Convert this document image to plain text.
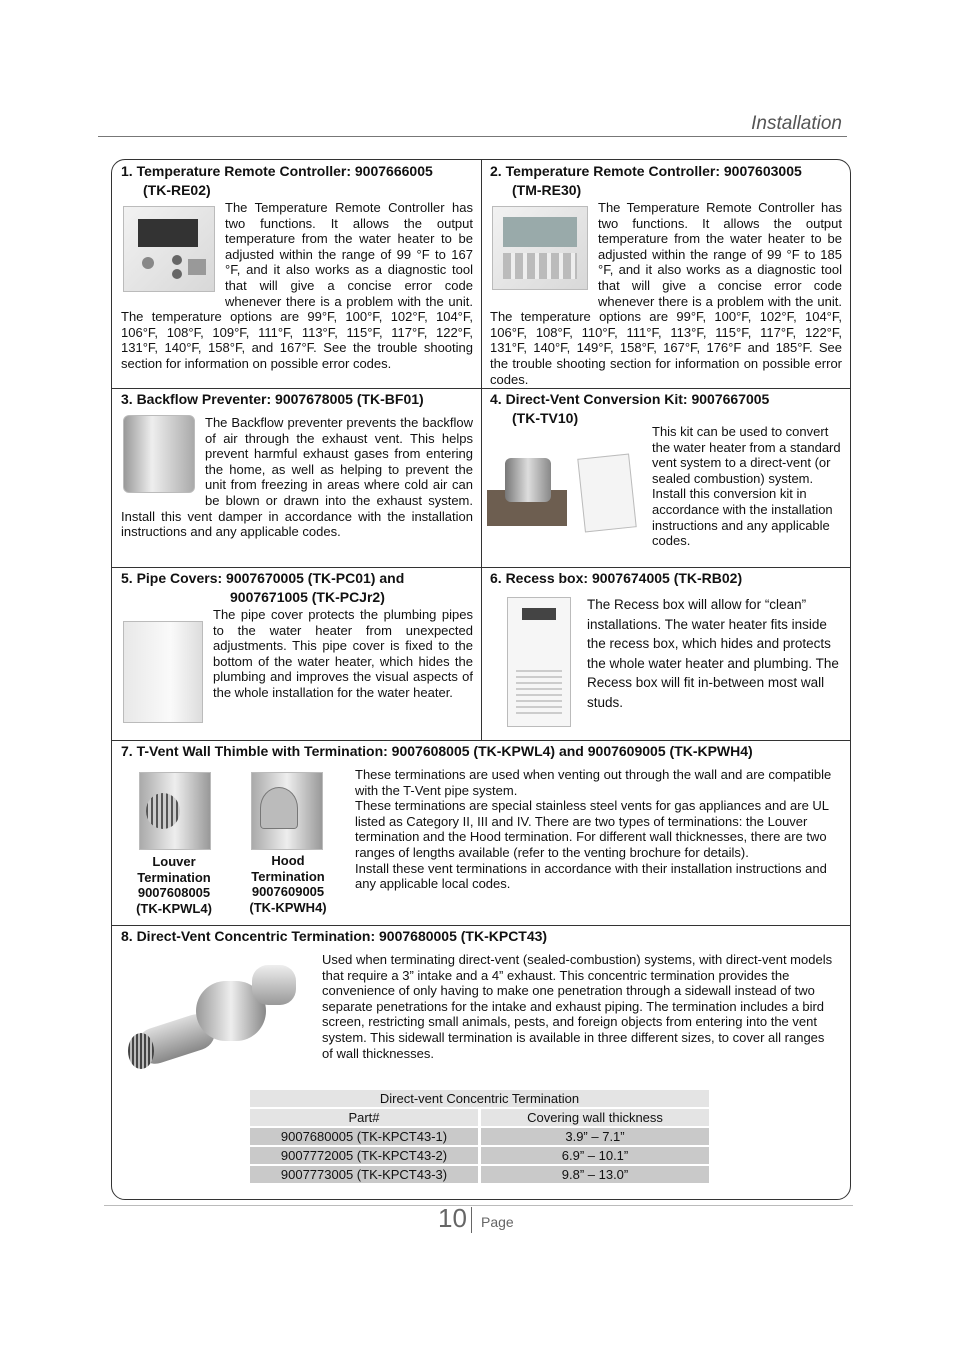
Installation
1. Temperature Remote Controller: 9007666005
(TK-RE02)
The Temperature Remote Controller has two functions. It allows the output temperature from the water heater to be adjusted within the range of 99 °F to 167 °F, and it also works as a diagnostic tool that will give a concise error code whenever there is a problem with the unit. The temperature options are 99°F, 100°F, 102°F, 104°F, 106°F, 108°F, 109°F, 111°F, 113°F, 115°F, 117°F, 122°F, 131°F, 140°F, 158°F, and 167°F. See the trouble shooting section for information on possible error codes.
2. Temperature Remote Controller: 9007603005
(TM-RE30)
The Temperature Remote Controller has two functions. It allows the output temperature from the water heater to be adjusted within the range of 99 °F to 185 °F, and it also works as a diagnostic tool that will give a concise error code whenever there is a problem with the unit. The temperature options are 99°F, 100°F, 102°F, 104°F, 106°F, 108°F, 110°F, 111°F, 113°F, 115°F, 117°F, 122°F, 131°F, 140°F, 149°F, 158°F, 167°F, 176°F and 185°F. See the trouble shooting section for information on possible error codes.
3. Backflow Preventer: 9007678005 (TK-BF01)
The Backflow preventer prevents the backflow of air through the exhaust vent. This helps prevent harmful exhaust gases from entering the home, as well as helping to prevent the unit from freezing in areas where cold air can be blown or drawn into the exhaust system. Install this vent damper in accordance with the installation instructions and any applicable codes.
4. Direct-Vent Conversion Kit: 9007667005
(TK-TV10)
This kit can be used to convert the water heater from a standard vent system to a direct-vent (or sealed combustion) system. Install this conversion kit in accordance with the installation instructions and any applicable codes.
5. Pipe Covers: 9007670005 (TK-PC01) and
9007671005 (TK-PCJr2)
The pipe cover protects the plumbing pipes to the water heater from unexpected adjustments. This pipe cover is fixed to the bottom of the water heater, which hides the plumbing and improves the visual aspects of the whole installation for the water heater.
6. Recess box: 9007674005 (TK-RB02)
The Recess box will allow for “clean” installations. The water heater fits inside the recess box, which hides and protects the whole water heater and plumbing. The Recess box will fit in-between most wall studs.
7. T-Vent Wall Thimble with Termination: 9007608005 (TK-KPWL4) and 9007609005 (TK-KPWH4)
Louver
Termination
9007608005
(TK-KPWL4)
Hood
Termination
9007609005
(TK-KPWH4)
These terminations are used when venting out through the wall and are compatible with the T-Vent pipe system.
These terminations are special stainless steel vents for gas appliances and are UL listed as Category II, III and IV. There are two types of terminations: the Louver termination and the Hood termination. For different wall thicknesses, there are two ranges of lengths available (refer to the venting brochure for details).
Install these vent terminations in accordance with their installation instructions and any applicable local codes.
8. Direct-Vent Concentric Termination: 9007680005 (TK-KPCT43)
Used when terminating direct-vent (sealed-combustion) systems, with direct-vent models that require a 3” intake and a 4” exhaust. This concentric termination provides the convenience of only having to make one penetration through a sidewall instead of two separate penetrations for the intake and exhaust piping. The termination includes a bird screen, restricting small animals, pests, and foreign objects from entering into the vent system. This sidewall termination is available in three different sizes, to cover all ranges of wall thicknesses.
Direct-vent Concentric Termination	
Part#	Covering wall thickness
9007680005 (TK-KPCT43-1)	3.9” – 7.1”
9007772005 (TK-KPCT43-2)	6.9” – 10.1”
9007773005 (TK-KPCT43-3)	9.8” – 13.0”
10 Page
